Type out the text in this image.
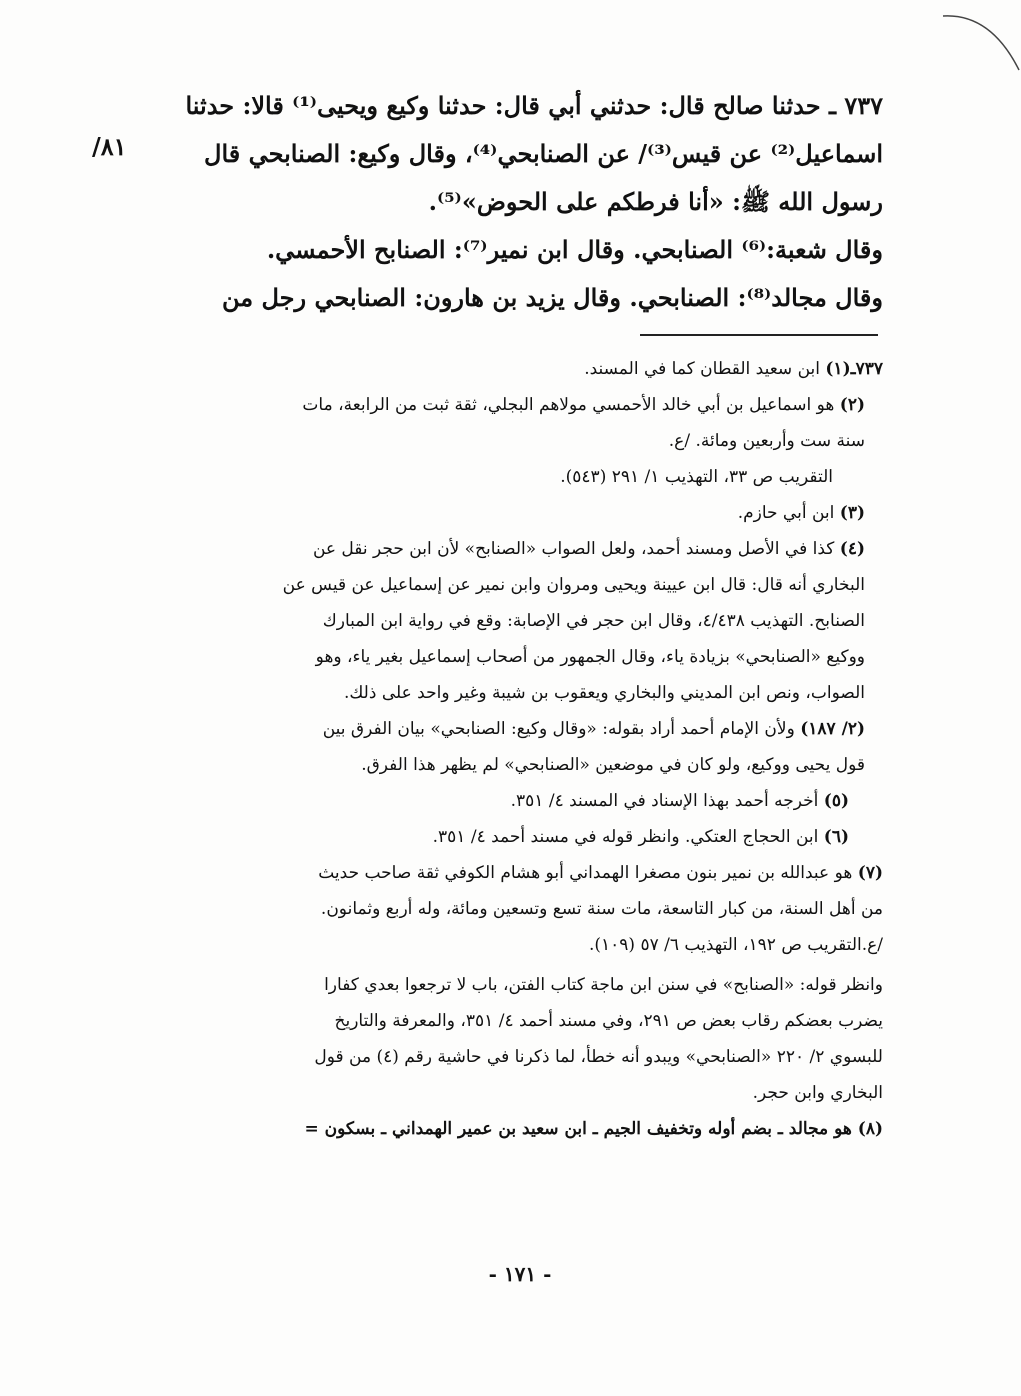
٧٣٧ ـ حدثنا صالح قال: حدثني أبي قال: حدثنا وكيع ويحيى⁽¹⁾ قالا: حدثنا
اسماعيل⁽²⁾ عن قيس⁽³⁾/ عن الصنابحي⁽⁴⁾، وقال وكيع: الصنابحي قال
رسول الله ﷺ: «أنا فرطكم على الحوض»⁽⁵⁾.
وقال شعبة:⁽⁶⁾ الصنابحي. وقال ابن نمير⁽⁷⁾: الصنابح الأحمسي.
وقال مجالد⁽⁸⁾: الصنابحي. وقال يزيد بن هارون: الصنابحي رجل من
٨١/
٧٣٧ـ(١) ابن سعيد القطان كما في المسند.
(٢) هو اسماعيل بن أبي خالد الأحمسي مولاهم البجلي، ثقة ثبت من الرابعة، مات
سنة ست وأربعين ومائة. /ع.
التقريب ص ٣٣، التهذيب ١/ ٢٩١ (٥٤٣).
(٣) ابن أبي حازم.
(٤) كذا في الأصل ومسند أحمد، ولعل الصواب «الصنابح» لأن ابن حجر نقل عن
البخاري أنه قال: قال ابن عيينة ويحيى ومروان وابن نمير عن إسماعيل عن قيس عن
الصنابح. التهذيب ٤/٤٣٨، وقال ابن حجر في الإصابة: وقع في رواية ابن المبارك
ووكيع «الصنابحي» بزيادة ياء، وقال الجمهور من أصحاب إسماعيل بغير ياء، وهو
الصواب، ونص ابن المديني والبخاري ويعقوب بن شيبة وغير واحد على ذلك.
(٢/ ١٨٧) ولأن الإمام أحمد أراد بقوله: «وقال وكيع: الصنابحي» بيان الفرق بين
قول يحيى ووكيع، ولو كان في موضعين «الصنابحي» لم يظهر هذا الفرق.
(٥) أخرجه أحمد بهذا الإسناد في المسند ٤/ ٣٥١.
(٦) ابن الحجاج العتكي. وانظر قوله في مسند أحمد ٤/ ٣٥١.
(٧) هو عبدالله بن نمير بنون مصغرا الهمداني أبو هشام الكوفي ثقة صاحب حديث
من أهل السنة، من كبار التاسعة، مات سنة تسع وتسعين ومائة، وله أربع وثمانون.
/ع.التقريب ص ١٩٢، التهذيب ٦/ ٥٧ (١٠٩).
وانظر قوله: «الصنابح» في سنن ابن ماجة كتاب الفتن، باب لا ترجعوا بعدي كفارا
يضرب بعضكم رقاب بعض ص ٢٩١، وفي مسند أحمد ٤/ ٣٥١، والمعرفة والتاريخ
للبسوي ٢/ ٢٢٠ «الصنابحي» ويبدو أنه خطأ، لما ذكرنا في حاشية رقم (٤) من قول
البخاري وابن حجر.
(٨) هو مجالد ـ بضم أوله وتخفيف الجيم ـ ابن سعيد بن عمير الهمداني ـ بسكون =
- ١٧١ -
